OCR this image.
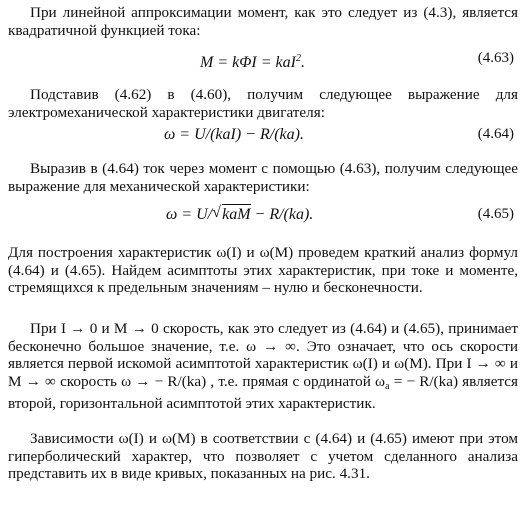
При линейной аппроксимации момент, как это следует из (4.3), является квадратичной функцией тока:

M = kΦI = kaI$^2$.	(4.63)

Подставив (4.62) в (4.60), получим следующее выражение для электромеханической характеристики двигателя:

ω = U/(kaI) − R/(ka).	(4.64)

Выразив в (4.64) ток через момент с помощью (4.63), получим следующее выражение для механической характеристики:

ω = U/ √ kaM − R/(ka).	(4.65)

Для построения характеристик ω(I) и ω(M) проведем краткий анализ формул (4.64) и (4.65). Найдем асимптоты этих характеристик, при токе и моменте, стремящихся к предельным значениям – нулю и бесконечности.

При I → 0 и M → 0 скорость, как это следует из (4.64) и (4.65), принимает бесконечно большое значение, т.е. ω → ∞. Это означает, что ось скорости является первой искомой асимптотой характеристик ω(I) и ω(M). При I → ∞ и M → ∞ скорость ω → − R/(ka) , т.е. прямая с ординатой $\omega_а$ = − R/(ka) является второй, горизонтальной асимптотой этих характеристик.

Зависимости ω(I) и ω(M) в соответствии с (4.64) и (4.65) имеют при этом гиперболический характер, что позволяет с учетом сделанного анализа представить их в виде кривых, показанных на рис. 4.31.
